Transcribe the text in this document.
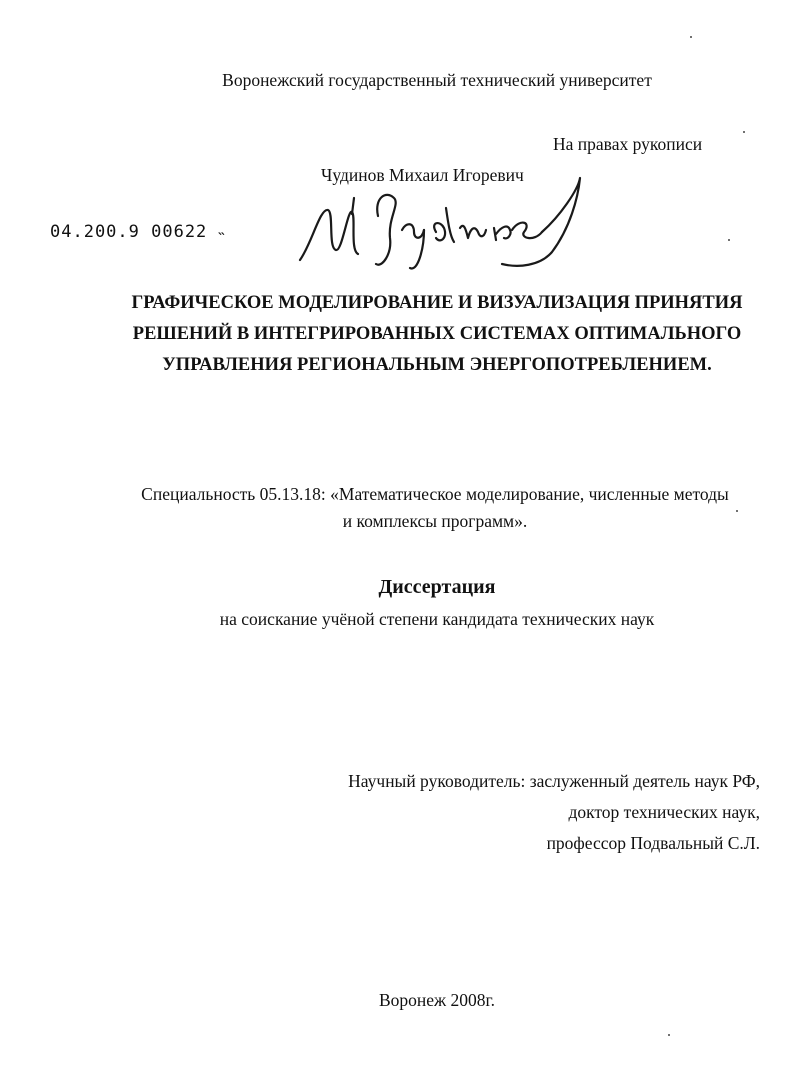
Воронежский государственный технический университет
На правах рукописи
Чудинов Михаил Игоревич
04.200.9 00622 ˵
ГРАФИЧЕСКОЕ МОДЕЛИРОВАНИЕ И ВИЗУАЛИЗАЦИЯ ПРИНЯТИЯ
РЕШЕНИЙ В ИНТЕГРИРОВАННЫХ СИСТЕМАХ ОПТИМАЛЬНОГО
УПРАВЛЕНИЯ РЕГИОНАЛЬНЫМ ЭНЕРГОПОТРЕБЛЕНИЕМ.
Специальность 05.13.18: «Математическое моделирование, численные методы
и комплексы программ».
Диссертация
на соискание учёной степени кандидата технических наук
Научный руководитель: заслуженный деятель наук РФ,
доктор технических наук,
профессор Подвальный С.Л.
Воронеж 2008г.
